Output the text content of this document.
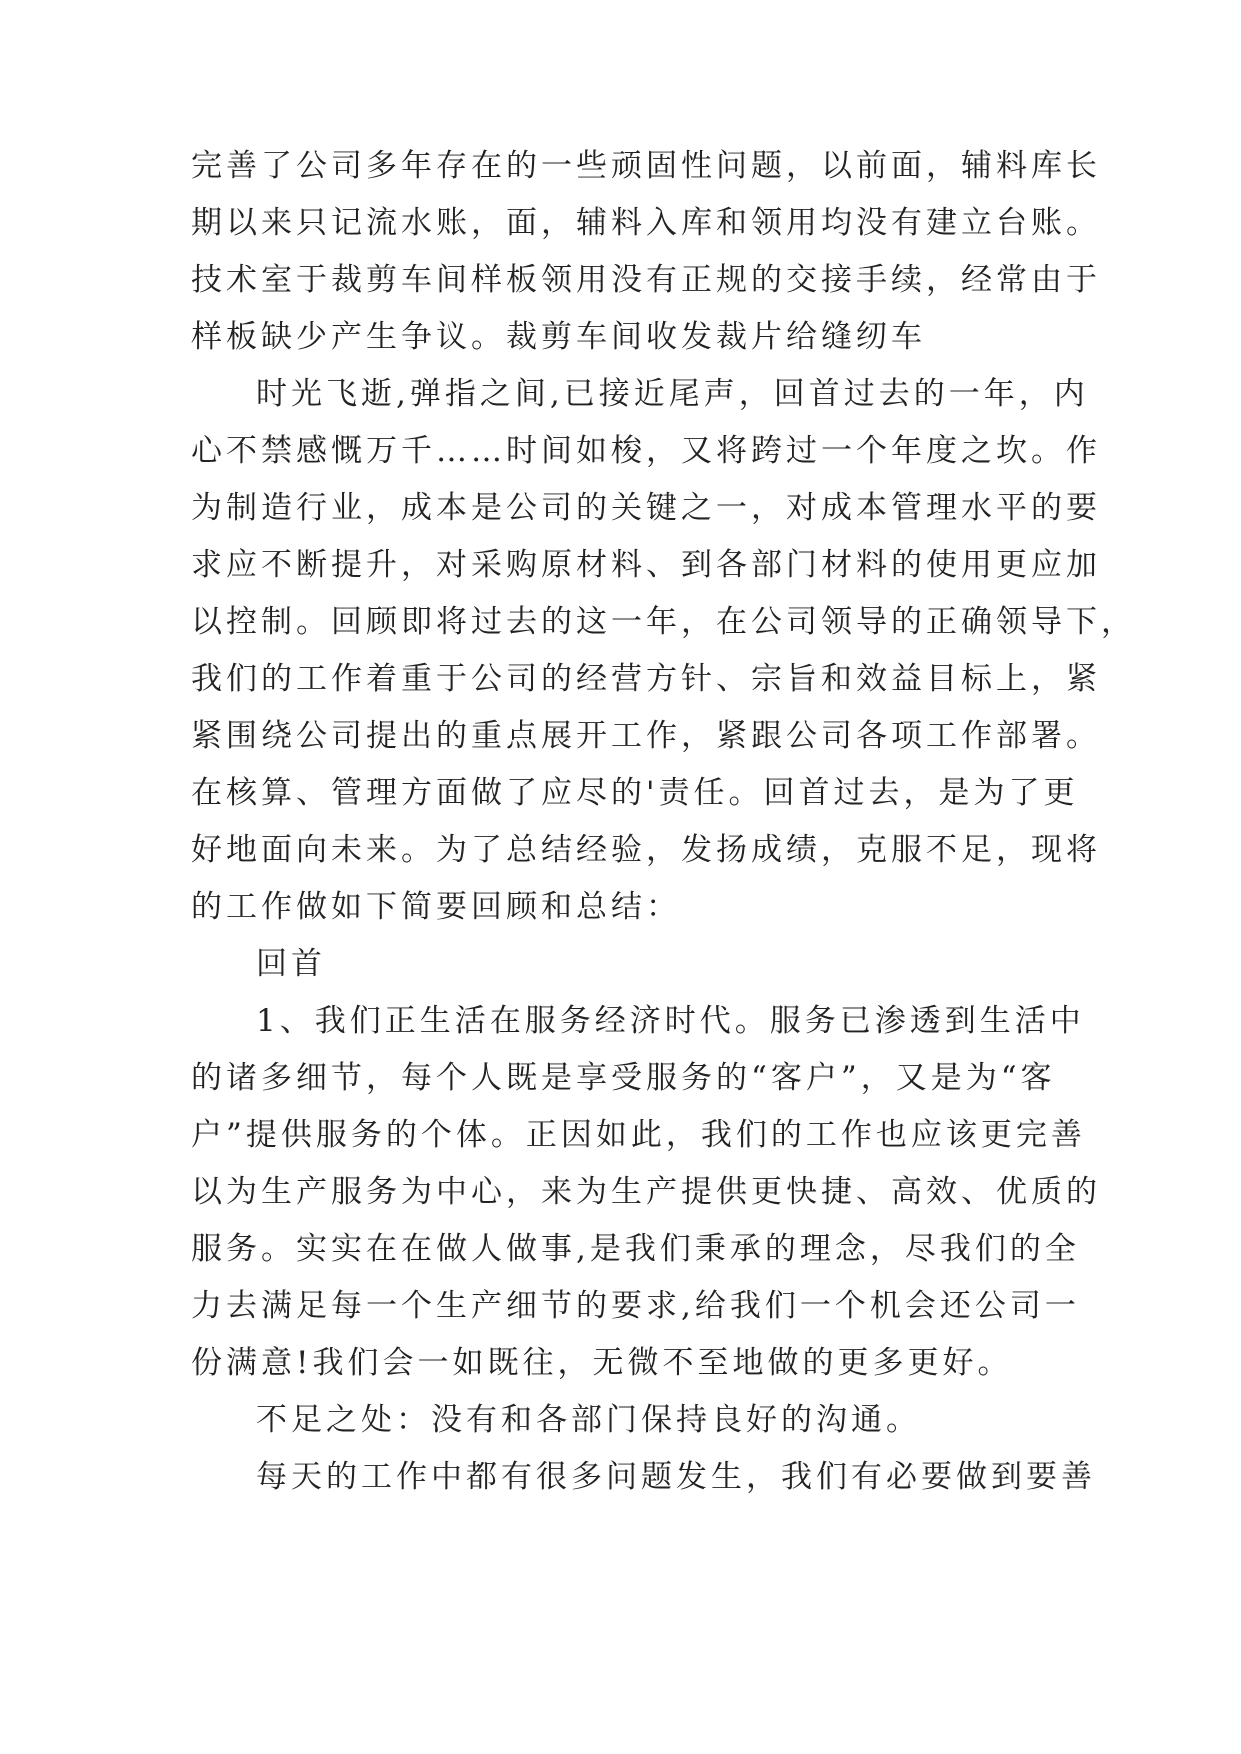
完善了公司多年存在的一些顽固性问题，以前面，辅料库长
期以来只记流水账，面，辅料入库和领用均没有建立台账。
技术室于裁剪车间样板领用没有正规的交接手续，经常由于
样板缺少产生争议。裁剪车间收发裁片给缝纫车
时光飞逝,弹指之间,已接近尾声，回首过去的一年，内
心不禁感慨万千……时间如梭，又将跨过一个年度之坎。作
为制造行业，成本是公司的关键之一，对成本管理水平的要
求应不断提升，对采购原材料、到各部门材料的使用更应加
以控制。回顾即将过去的这一年，在公司领导的正确领导下，
我们的工作着重于公司的经营方针、宗旨和效益目标上，紧
紧围绕公司提出的重点展开工作，紧跟公司各项工作部署。
在核算、管理方面做了应尽的'责任。回首过去，是为了更
好地面向未来。为了总结经验，发扬成绩，克服不足，现将
的工作做如下简要回顾和总结：
回首
1、我们正生活在服务经济时代。服务已渗透到生活中
的诸多细节，每个人既是享受服务的“客户”，又是为“客
户”提供服务的个体。正因如此，我们的工作也应该更完善
以为生产服务为中心，来为生产提供更快捷、高效、优质的
服务。实实在在做人做事,是我们秉承的理念，尽我们的全
力去满足每一个生产细节的要求,给我们一个机会还公司一
份满意!我们会一如既往，无微不至地做的更多更好。
不足之处：没有和各部门保持良好的沟通。
每天的工作中都有很多问题发生，我们有必要做到要善
